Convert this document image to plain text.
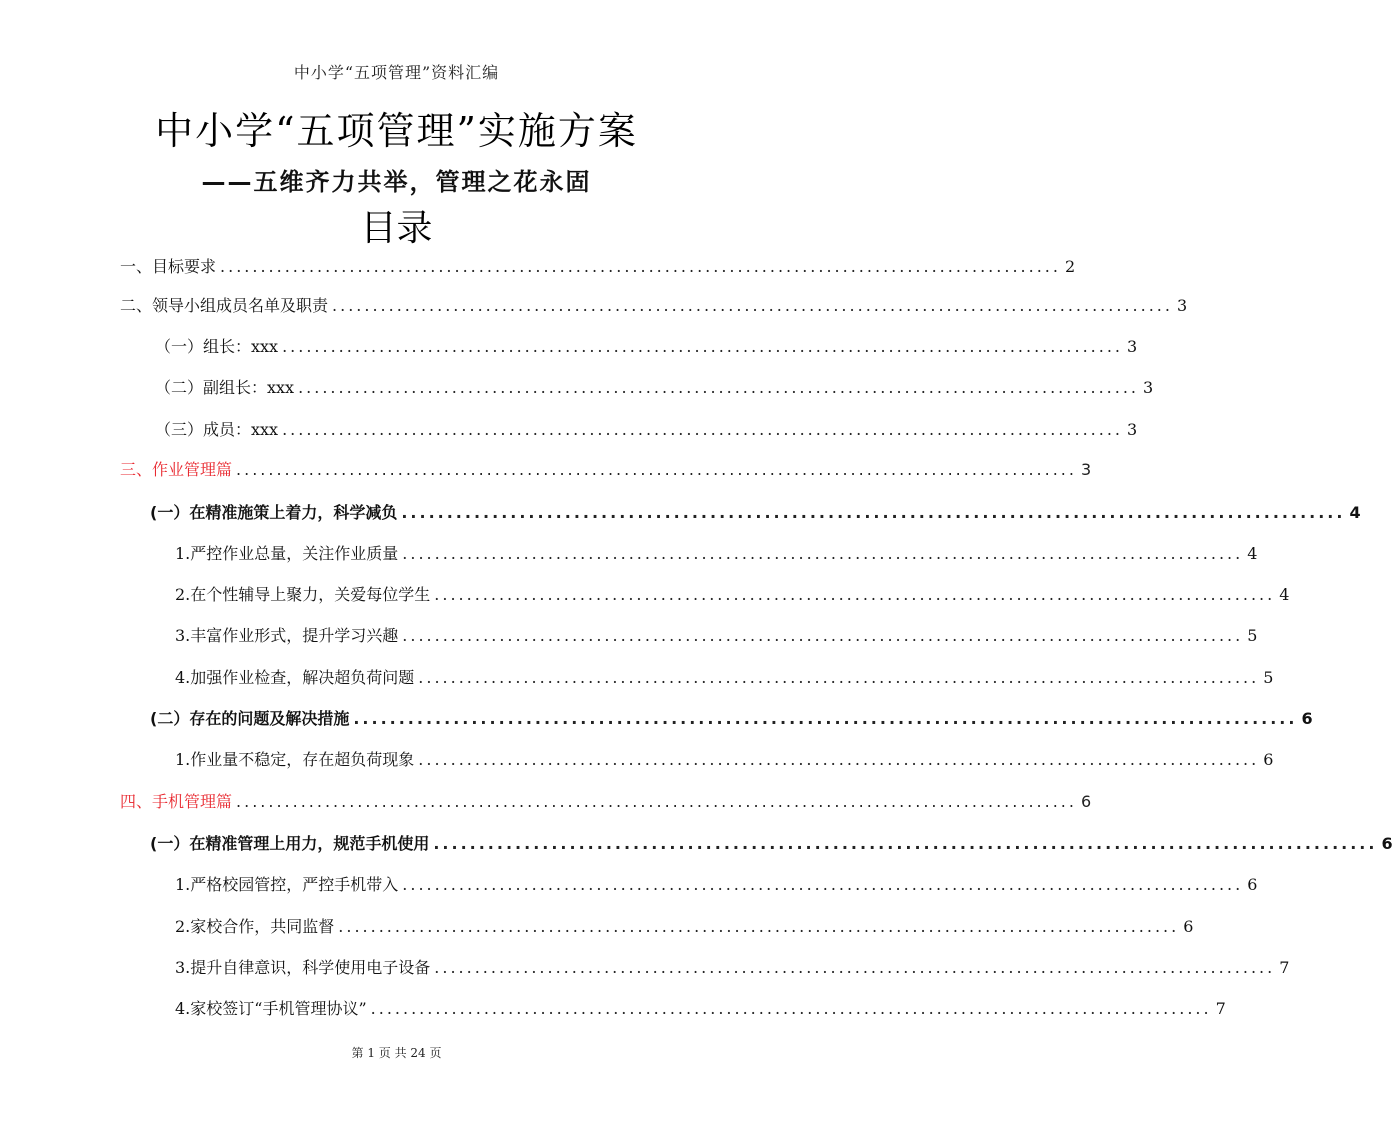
中小学“五项管理”资料汇编
中小学“五项管理”实施方案
——五维齐力共举，管理之花永固
目录
一、目标要求 ........................................................................................................ 2
二、领导小组成员名单及职责 ........................................................................................................ 3
（一）组长：xxx ........................................................................................................ 3
（二）副组长：xxx ........................................................................................................ 3
（三）成员：xxx ........................................................................................................ 3
三、作业管理篇 ........................................................................................................ 3
(一）在精准施策上着力，科学减负 ........................................................................................................ 4
1.严控作业总量，关注作业质量 ........................................................................................................ 4
2.在个性辅导上聚力，关爱每位学生 ........................................................................................................ 4
3.丰富作业形式，提升学习兴趣 ........................................................................................................ 5
4.加强作业检查，解决超负荷问题 ........................................................................................................ 5
(二）存在的问题及解决措施 ........................................................................................................ 6
1.作业量不稳定，存在超负荷现象 ........................................................................................................ 6
四、手机管理篇 ........................................................................................................ 6
(一）在精准管理上用力，规范手机使用 ........................................................................................................ 6
1.严格校园管控，严控手机带入 ........................................................................................................ 6
2.家校合作，共同监督 ........................................................................................................ 6
3.提升自律意识，科学使用电子设备 ........................................................................................................ 7
4.家校签订“手机管理协议” ........................................................................................................ 7
第 1 页 共 24 页
